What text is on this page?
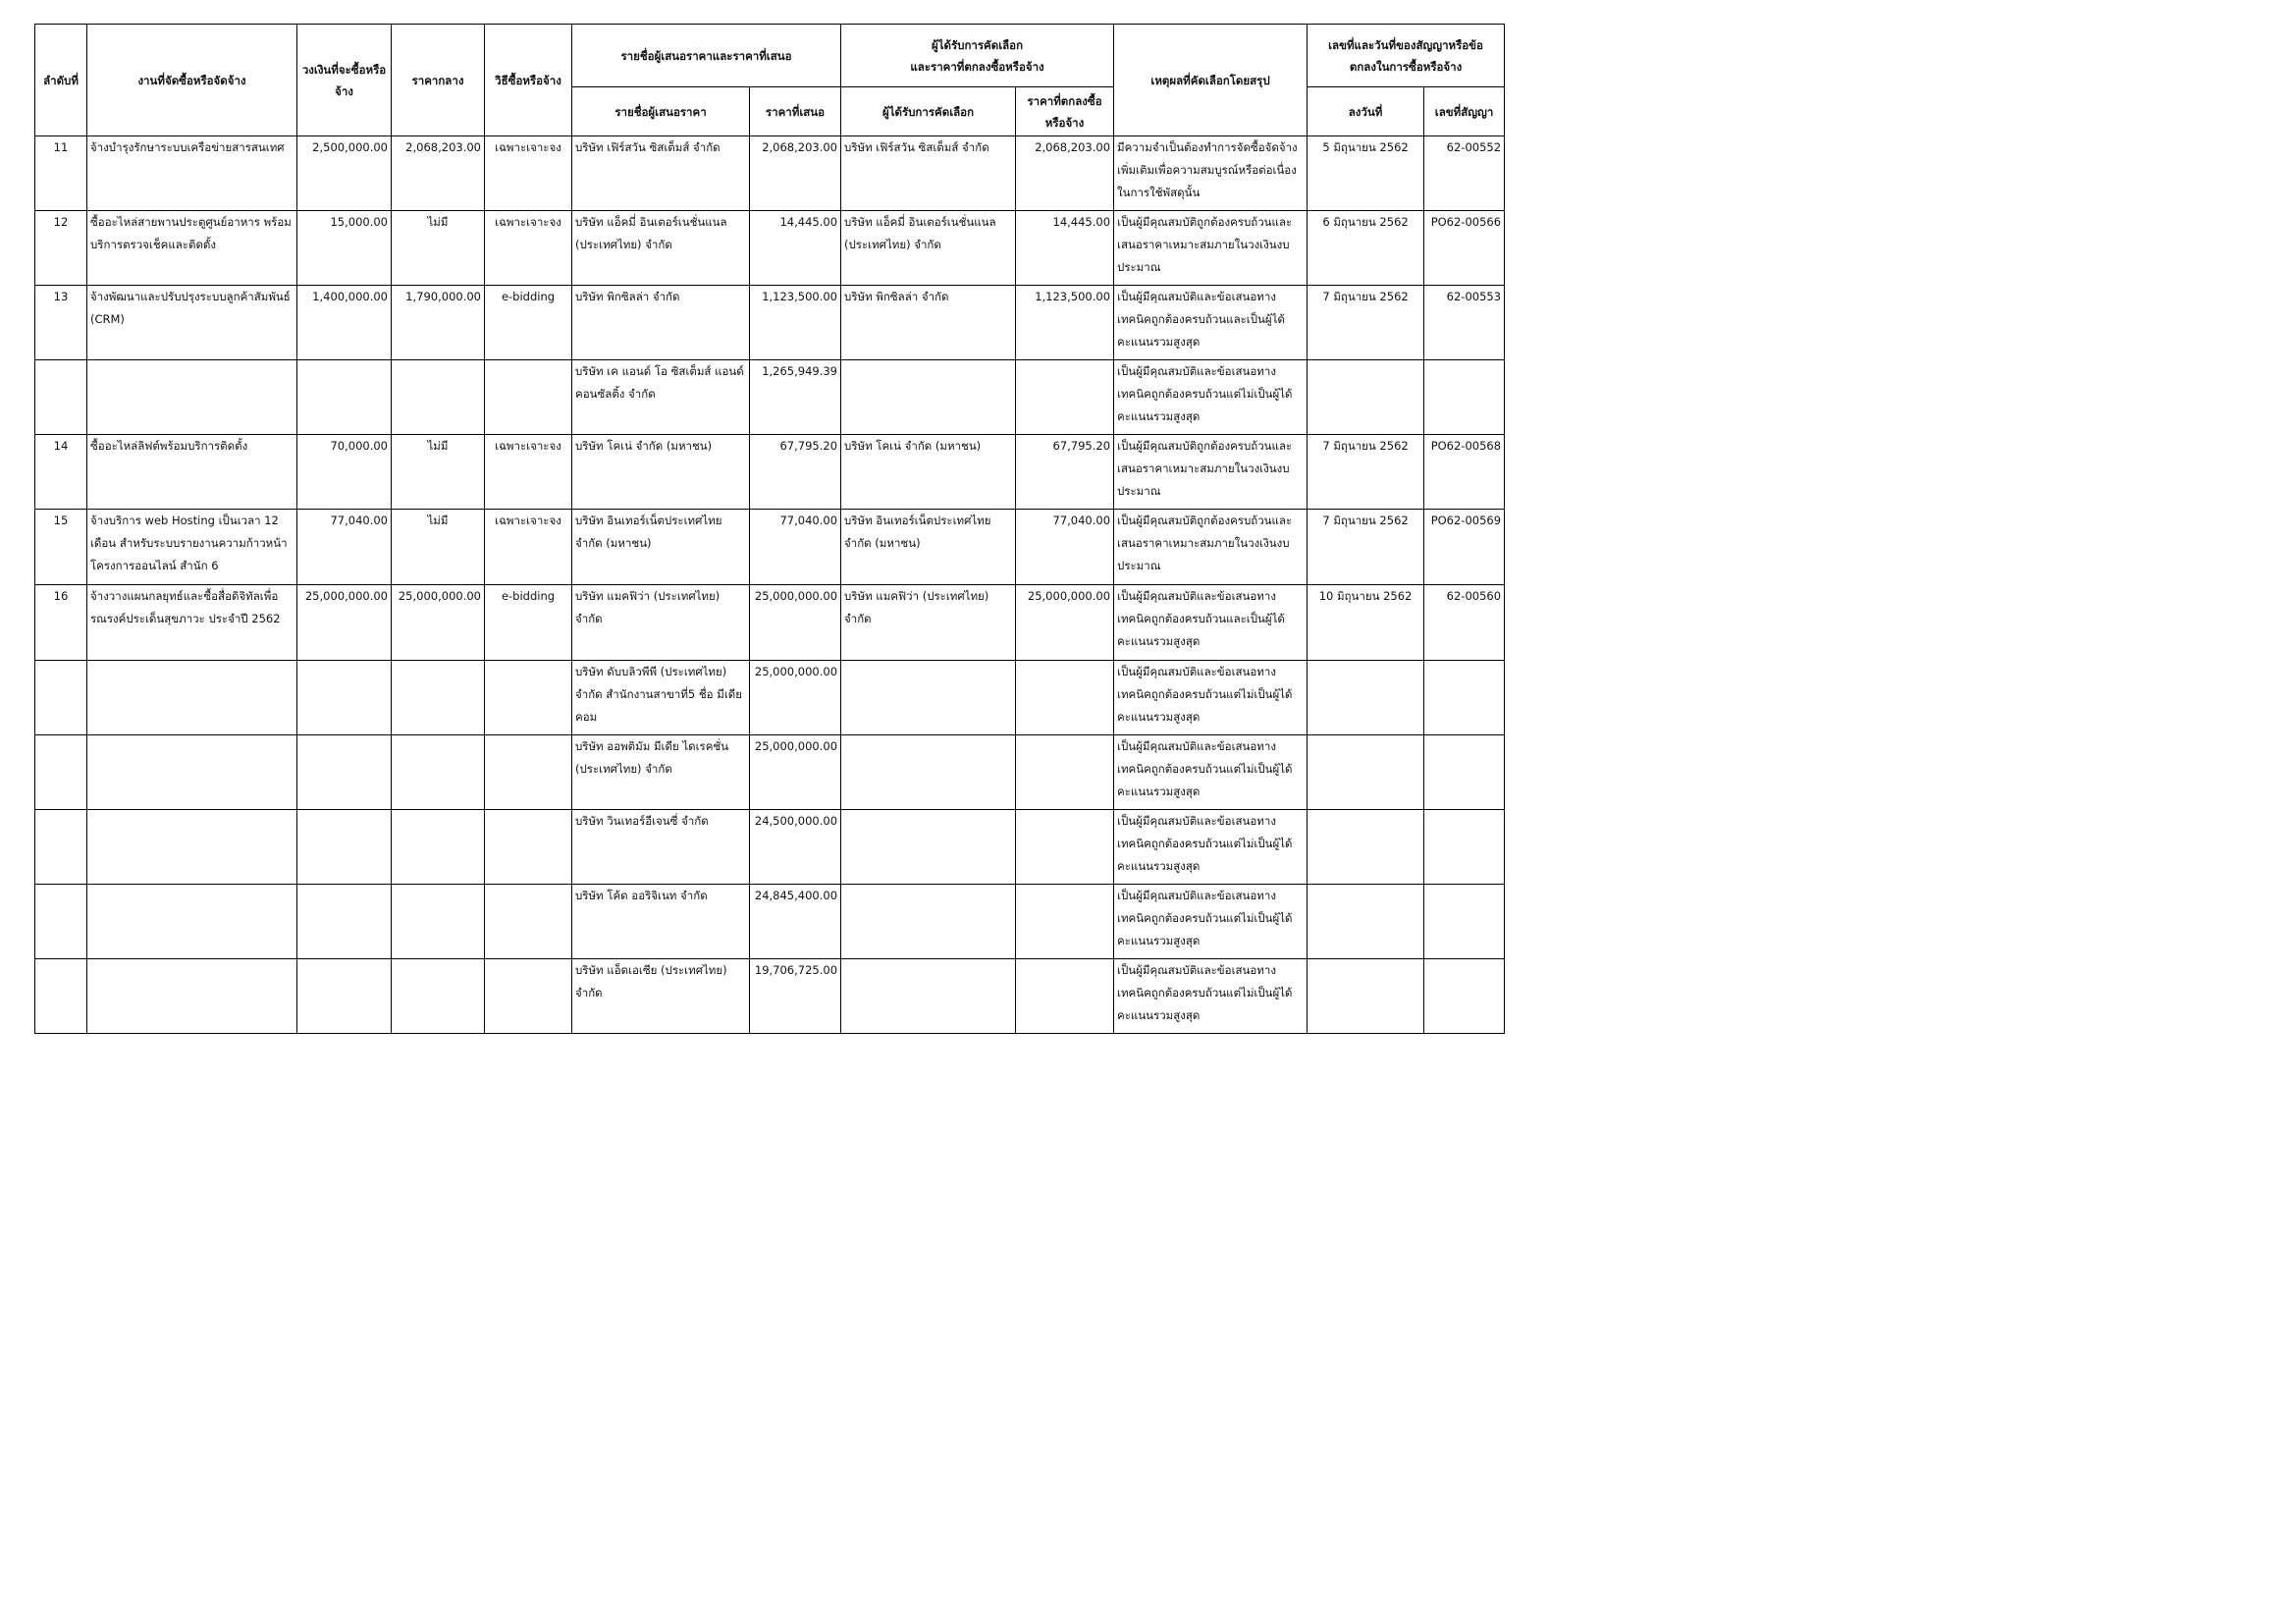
ลำดับที่	งานที่จัดซื้อหรือจัดจ้าง	วงเงินที่จะซื้อหรือจ้าง	ราคากลาง	วิธีซื้อหรือจ้าง	รายชื่อผู้เสนอราคาและราคาที่เสนอ		ผู้ได้รับการคัดเลือก
และราคาที่ตกลงซื้อหรือจ้าง		เหตุผลที่คัดเลือกโดยสรุป	เลขที่และวันที่ของสัญญาหรือข้อตกลงในการซื้อหรือจ้าง	
					รายชื่อผู้เสนอราคา	ราคาที่เสนอ	ผู้ได้รับการคัดเลือก	ราคาที่ตกลงซื้อหรือจ้าง		ลงวันที่	เลขที่สัญญา
11	จ้างบำรุงรักษาระบบเครือข่ายสารสนเทศ	2,500,000.00	2,068,203.00	เฉพาะเจาะจง	บริษัท เฟิร์สวัน ซิสเต็มส์ จำกัด	2,068,203.00	บริษัท เฟิร์สวัน ซิสเต็มส์ จำกัด	2,068,203.00	มีความจำเป็นต้องทำการจัดซื้อจัดจ้างเพิ่มเติมเพื่อความสมบูรณ์หรือต่อเนื่องในการใช้พัสดุนั้น	5 มิถุนายน 2562	62-00552
12	ซื้ออะไหล่สายพานประตูศูนย์อาหาร พร้อมบริการตรวจเช็คและติดตั้ง	15,000.00	ไม่มี	เฉพาะเจาะจง	บริษัท แอ็คมี่ อินเตอร์เนชั่นแนล (ประเทศไทย) จำกัด	14,445.00	บริษัท แอ็คมี่ อินเตอร์เนชั่นแนล (ประเทศไทย) จำกัด	14,445.00	เป็นผู้มีคุณสมบัติถูกต้องครบถ้วนและเสนอราคาเหมาะสมภายในวงเงินงบประมาณ	6 มิถุนายน 2562	PO62-00566
13	จ้างพัฒนาและปรับปรุงระบบลูกค้าสัมพันธ์ (CRM)	1,400,000.00	1,790,000.00	e-bidding	บริษัท พิกซิลล่า จำกัด	1,123,500.00	บริษัท พิกซิลล่า จำกัด	1,123,500.00	เป็นผู้มีคุณสมบัติและข้อเสนอทางเทคนิคถูกต้องครบถ้วนและเป็นผู้ได้คะแนนรวมสูงสุด	7 มิถุนายน 2562	62-00553
					บริษัท เค แอนด์ โอ ซิสเต็มส์ แอนด์ คอนซัลติ้ง จำกัด	1,265,949.39			เป็นผู้มีคุณสมบัติและข้อเสนอทางเทคนิคถูกต้องครบถ้วนแต่ไม่เป็นผู้ได้คะแนนรวมสูงสุด		
14	ซื้ออะไหล่ลิฟต์พร้อมบริการติดตั้ง	70,000.00	ไม่มี	เฉพาะเจาะจง	บริษัท โคเน่ จำกัด (มหาชน)	67,795.20	บริษัท โคเน่ จำกัด (มหาชน)	67,795.20	เป็นผู้มีคุณสมบัติถูกต้องครบถ้วนและเสนอราคาเหมาะสมภายในวงเงินงบประมาณ	7 มิถุนายน 2562	PO62-00568
15	จ้างบริการ web Hosting เป็นเวลา 12 เดือน สำหรับระบบรายงานความก้าวหน้าโครงการออนไลน์ สำนัก 6	77,040.00	ไม่มี	เฉพาะเจาะจง	บริษัท อินเทอร์เน็ตประเทศไทย จำกัด (มหาชน)	77,040.00	บริษัท อินเทอร์เน็ตประเทศไทย จำกัด (มหาชน)	77,040.00	เป็นผู้มีคุณสมบัติถูกต้องครบถ้วนและเสนอราคาเหมาะสมภายในวงเงินงบประมาณ	7 มิถุนายน 2562	PO62-00569
16	จ้างวางแผนกลยุทธ์และซื้อสื่อดิจิทัลเพื่อรณรงค์ประเด็นสุขภาวะ ประจำปี 2562	25,000,000.00	25,000,000.00	e-bidding	บริษัท แมคฟิว่า (ประเทศไทย) จำกัด	25,000,000.00	บริษัท แมคฟิว่า (ประเทศไทย) จำกัด	25,000,000.00	เป็นผู้มีคุณสมบัติและข้อเสนอทางเทคนิคถูกต้องครบถ้วนและเป็นผู้ได้คะแนนรวมสูงสุด	10 มิถุนายน 2562	62-00560
					บริษัท ดับบลิวพีพี (ประเทศไทย) จำกัด สำนักงานสาขาที่5 ชื่อ มีเดียคอม	25,000,000.00			เป็นผู้มีคุณสมบัติและข้อเสนอทางเทคนิคถูกต้องครบถ้วนแต่ไม่เป็นผู้ได้คะแนนรวมสูงสุด		
					บริษัท ออพติมัม มีเดีย ไดเรคชั่น (ประเทศไทย) จำกัด	25,000,000.00			เป็นผู้มีคุณสมบัติและข้อเสนอทางเทคนิคถูกต้องครบถ้วนแต่ไม่เป็นผู้ได้คะแนนรวมสูงสุด		
					บริษัท วินเทอร์อีเจนซี่ จำกัด	24,500,000.00			เป็นผู้มีคุณสมบัติและข้อเสนอทางเทคนิคถูกต้องครบถ้วนแต่ไม่เป็นผู้ได้คะแนนรวมสูงสุด		
					บริษัท โค้ด ออริจิเนท จำกัด	24,845,400.00			เป็นผู้มีคุณสมบัติและข้อเสนอทางเทคนิคถูกต้องครบถ้วนแต่ไม่เป็นผู้ได้คะแนนรวมสูงสุด		
					บริษัท แอ็ดเอเซีย (ประเทศไทย) จำกัด	19,706,725.00			เป็นผู้มีคุณสมบัติและข้อเสนอทางเทคนิคถูกต้องครบถ้วนแต่ไม่เป็นผู้ได้คะแนนรวมสูงสุด		
